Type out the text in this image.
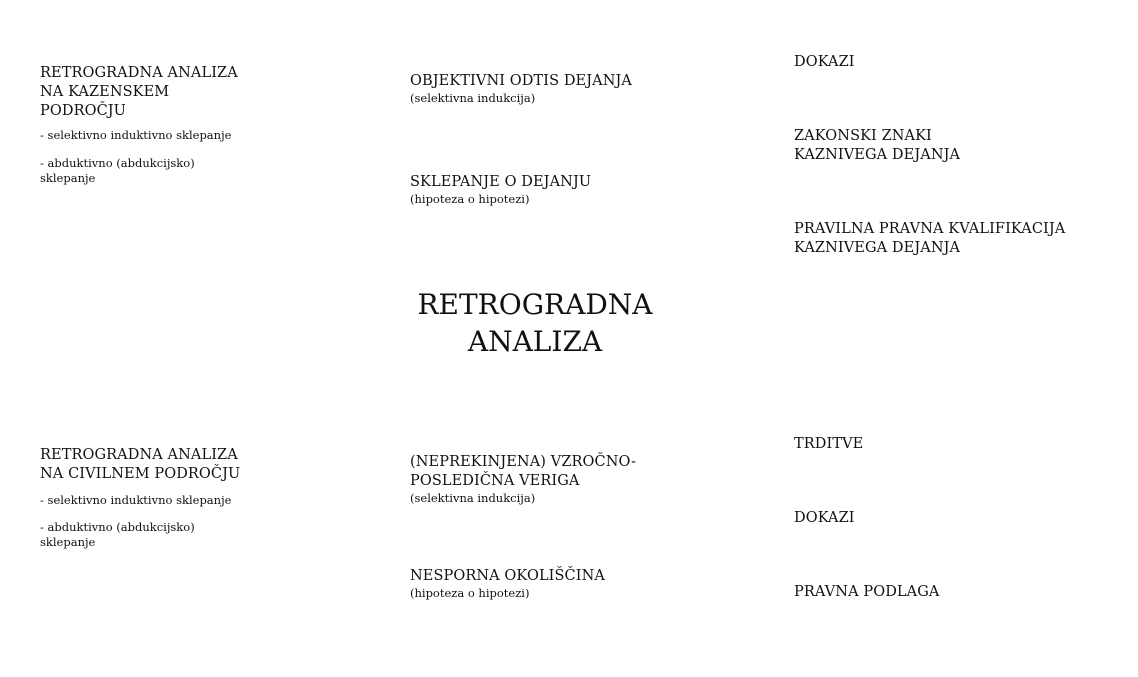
RETROGRADNA
ANALIZA
RETROGRADNA ANALIZA
NA KAZENSKEM
PODROČJU
- selektivno induktivno sklepanje
- abduktivno (abdukcijsko)
sklepanje
RETROGRADNA ANALIZA
NA CIVILNEM PODROČJU
- selektivno induktivno sklepanje
- abduktivno (abdukcijsko)
sklepanje
OBJEKTIVNI ODTIS DEJANJA
(selektivna indukcija)
SKLEPANJE O DEJANJU
(hipoteza o hipotezi)
(NEPREKINJENA) VZROČNO-
POSLEDIČNA VERIGA
(selektivna indukcija)
NESPORNA OKOLIŠČINA
(hipoteza o hipotezi)
DOKAZI
ZAKONSKI ZNAKI
KAZNIVEGA DEJANJA
PRAVILNA PRAVNA KVALIFIKACIJA
KAZNIVEGA DEJANJA
TRDITVE
DOKAZI
PRAVNA PODLAGA
